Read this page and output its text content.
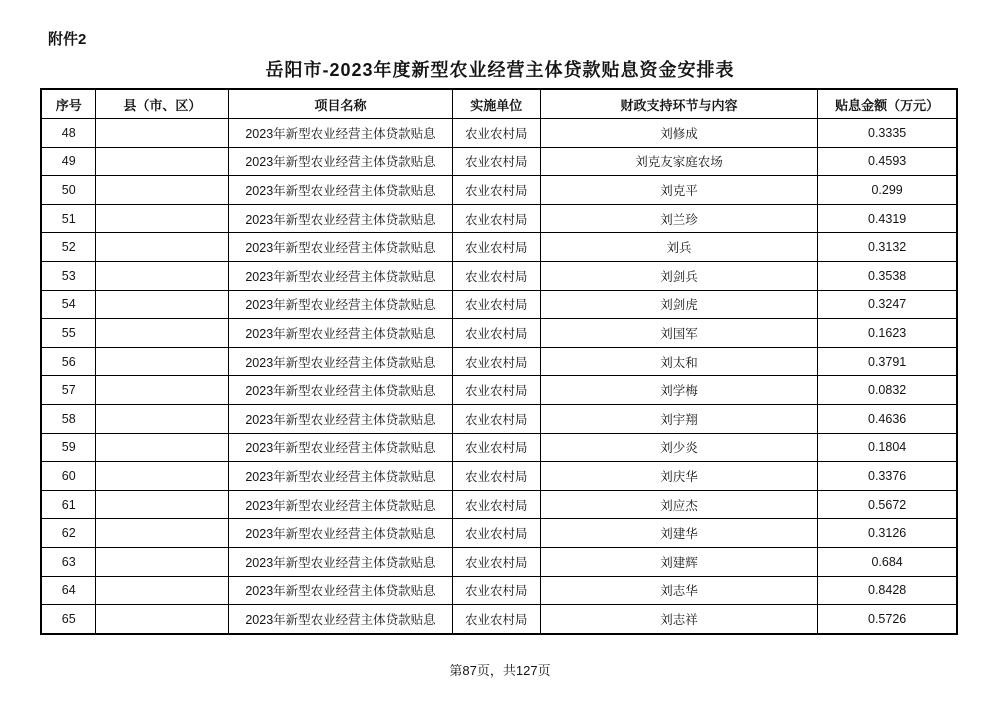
附件2
岳阳市-2023年度新型农业经营主体贷款贴息资金安排表
序号	县（市、区）	项目名称	实施单位	财政支持环节与内容	贴息金额（万元）
48		2023年新型农业经营主体贷款贴息	农业农村局	刘修成	0.3335
49		2023年新型农业经营主体贷款贴息	农业农村局	刘克友家庭农场	0.4593
50		2023年新型农业经营主体贷款贴息	农业农村局	刘克平	0.299
51		2023年新型农业经营主体贷款贴息	农业农村局	刘兰珍	0.4319
52		2023年新型农业经营主体贷款贴息	农业农村局	刘兵	0.3132
53		2023年新型农业经营主体贷款贴息	农业农村局	刘剑兵	0.3538
54		2023年新型农业经营主体贷款贴息	农业农村局	刘剑虎	0.3247
55		2023年新型农业经营主体贷款贴息	农业农村局	刘国军	0.1623
56		2023年新型农业经营主体贷款贴息	农业农村局	刘太和	0.3791
57		2023年新型农业经营主体贷款贴息	农业农村局	刘学梅	0.0832
58		2023年新型农业经营主体贷款贴息	农业农村局	刘宇翔	0.4636
59		2023年新型农业经营主体贷款贴息	农业农村局	刘少炎	0.1804
60		2023年新型农业经营主体贷款贴息	农业农村局	刘庆华	0.3376
61		2023年新型农业经营主体贷款贴息	农业农村局	刘应杰	0.5672
62		2023年新型农业经营主体贷款贴息	农业农村局	刘建华	0.3126
63		2023年新型农业经营主体贷款贴息	农业农村局	刘建辉	0.684
64		2023年新型农业经营主体贷款贴息	农业农村局	刘志华	0.8428
65		2023年新型农业经营主体贷款贴息	农业农村局	刘志祥	0.5726
第87页，共127页
